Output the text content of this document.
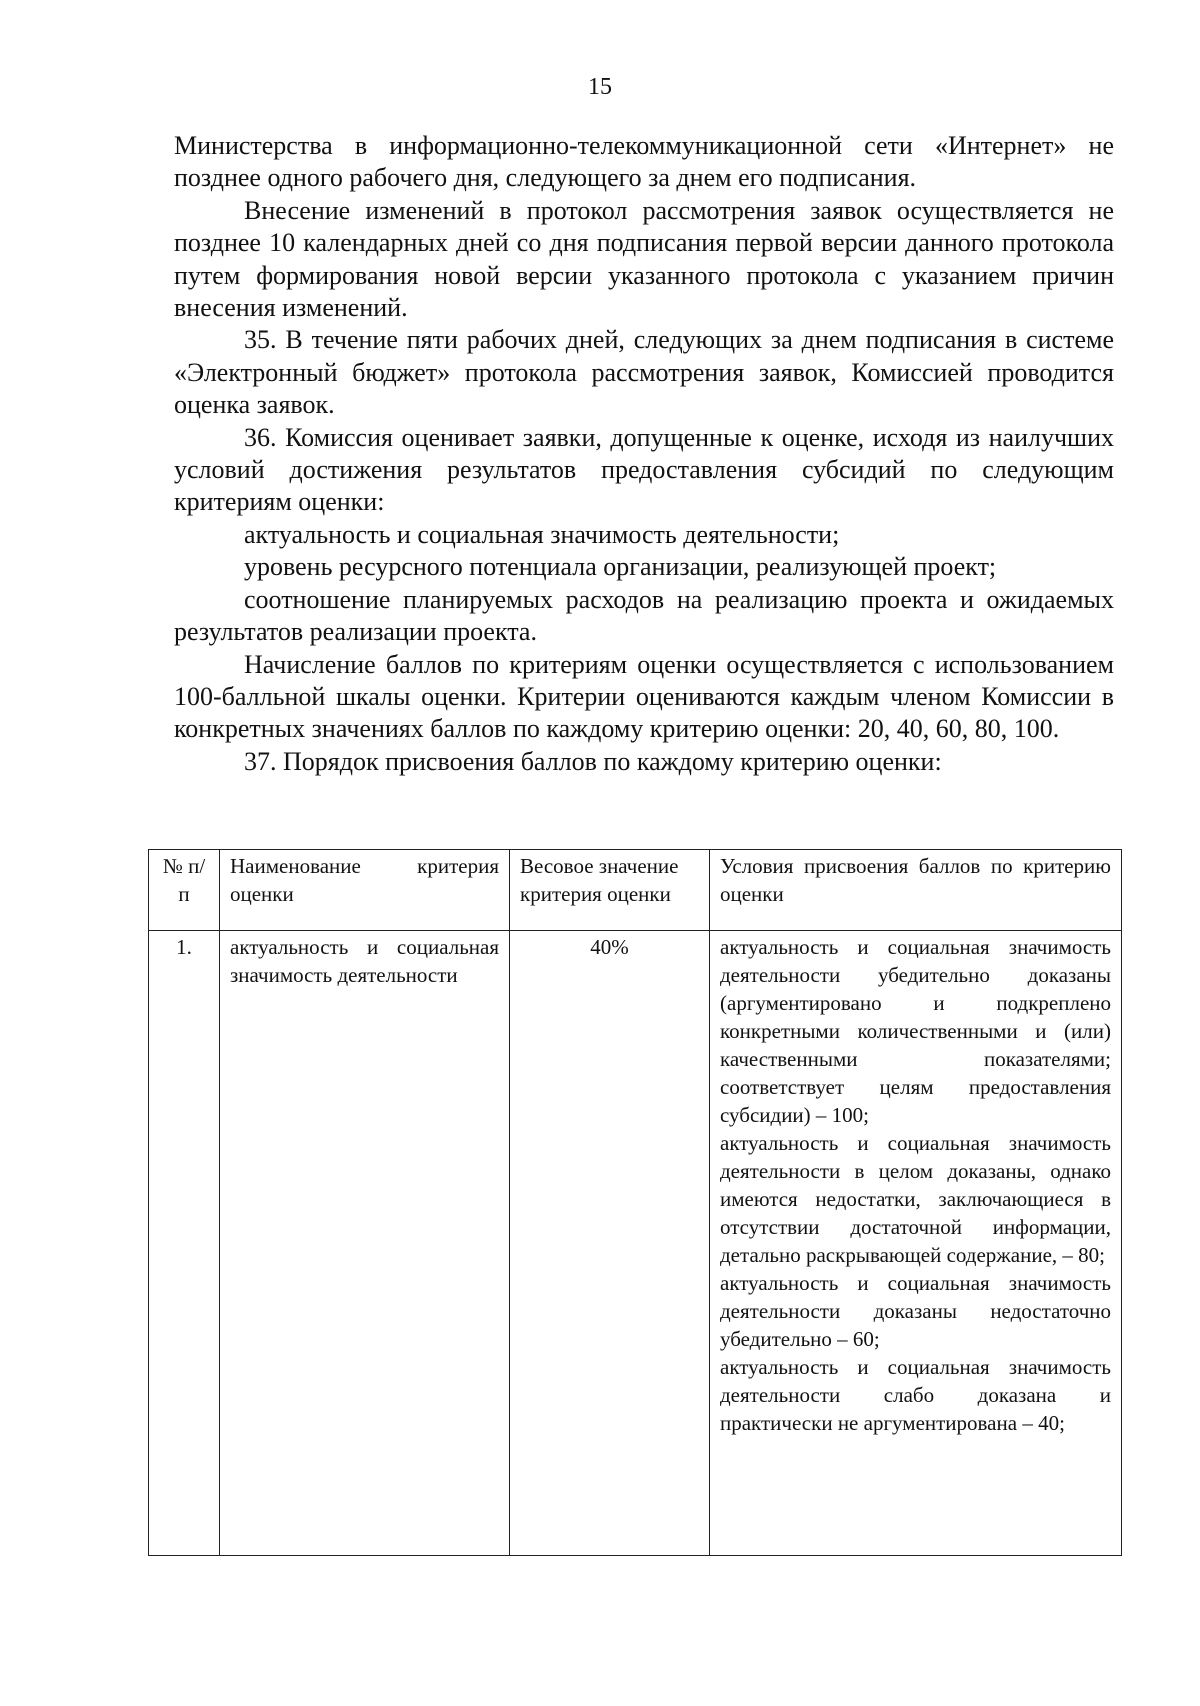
15

Министерства в информационно-телекоммуникационной сети «Интернет» не позднее одного рабочего дня, следующего за днем его подписания.

Внесение изменений в протокол рассмотрения заявок осуществляется не позднее 10 календарных дней со дня подписания первой версии данного протокола путем формирования новой версии указанного протокола с указанием причин внесения изменений.

35. В течение пяти рабочих дней, следующих за днем подписания в системе «Электронный бюджет» протокола рассмотрения заявок, Комиссией проводится оценка заявок.

36. Комиссия оценивает заявки, допущенные к оценке, исходя из наилучших условий достижения результатов предоставления субсидий по следующим критериям оценки:

актуальность и социальная значимость деятельности;

уровень ресурсного потенциала организации, реализующей проект;

соотношение планируемых расходов на реализацию проекта и ожидаемых результатов реализации проекта.

Начисление баллов по критериям оценки осуществляется с использованием 100-балльной шкалы оценки. Критерии оцениваются каждым членом Комиссии в конкретных значениях баллов по каждому критерию оценки: 20, 40, 60, 80, 100.

37. Порядок присвоения баллов по каждому критерию оценки:

№ п/п	Наименование критерия оценки	Весовое значение критерия оценки	Условия присвоения баллов по критерию оценки
1.	актуальность и социальная значимость деятельности	40%	актуальность и социальная значимость деятельности убедительно доказаны (аргументировано и подкреплено конкретными количественными и (или) качественными показателями; соответствует целям предоставления субсидии) – 100;
актуальность и социальная значимость деятельности в целом доказаны, однако имеются недостатки, заключающиеся в отсутствии достаточной информации, детально раскрывающей содержание, – 80;
актуальность и социальная значимость деятельности доказаны недостаточно убедительно – 60;
актуальность и социальная значимость деятельности слабо доказана и практически не аргументирована – 40;
